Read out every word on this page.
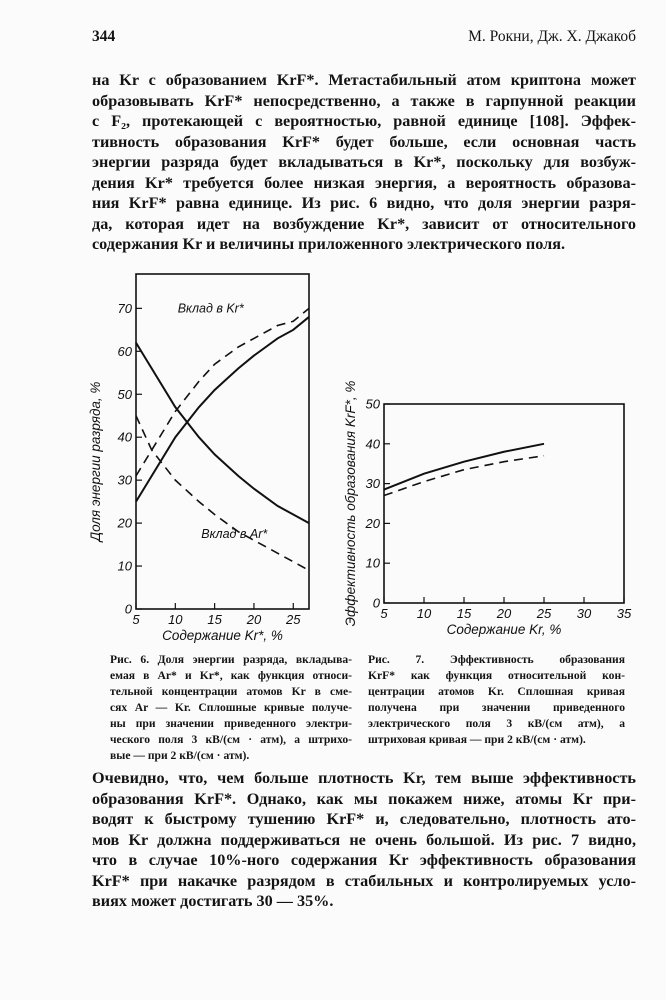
344	М. Рокни, Дж. Х. Джакоб
на Kr с образованием KrF*. Метастабильный атом криптона может
образовывать KrF* непосредственно, а также в гарпунной реакции
с F₂, протекающей с вероятностью, равной единице [108]. Эффек-
тивность образования KrF* будет больше, если основная часть
энергии разряда будет вкладываться в Kr*, поскольку для возбуж-
дения Kr* требуется более низкая энергия, а вероятность образова-
ния KrF* равна единице. Из рис. 6 видно, что доля энергии разря-
да, которая идет на возбуждение Kr*, зависит от относительного
содержания Kr и величины приложенного электрического поля.
0
10
20
30
40
50
60
70
5 10 15 20 25
Содержание Kr*, %
Доля энергии разряда, %
Вклад в Kr*
Вклад в Ar*
0
10
20
30
40
50
5 10 15 20 25 30 35
Содержание Kr, %
Эффективность образования KrF*, %
Рис. 6. Доля энергии разряда, вкладыва-
емая в Ar* и Kr*, как функция относи-
тельной концентрации атомов Kr в сме-
сях Ar — Kr. Сплошные кривые получе-
ны при значении приведенного электри-
ческого поля 3 кВ/(см · атм), а штрихо-
вые — при 2 кВ/(см · атм).
Рис. 7. Эффективность образования
KrF* как функция относительной кон-
центрации атомов Kr. Сплошная кривая
получена при значении приведенного
электрического поля 3 кВ/(см атм), а
штриховая кривая — при 2 кВ/(см · атм).
Очевидно, что, чем больше плотность Kr, тем выше эффективность
образования KrF*. Однако, как мы покажем ниже, атомы Kr при-
водят к быстрому тушению KrF* и, следовательно, плотность ато-
мов Kr должна поддерживаться не очень большой. Из рис. 7 видно,
что в случае 10%-ного содержания Kr эффективность образования
KrF* при накачке разрядом в стабильных и контролируемых усло-
виях может достигать 30 — 35%.
